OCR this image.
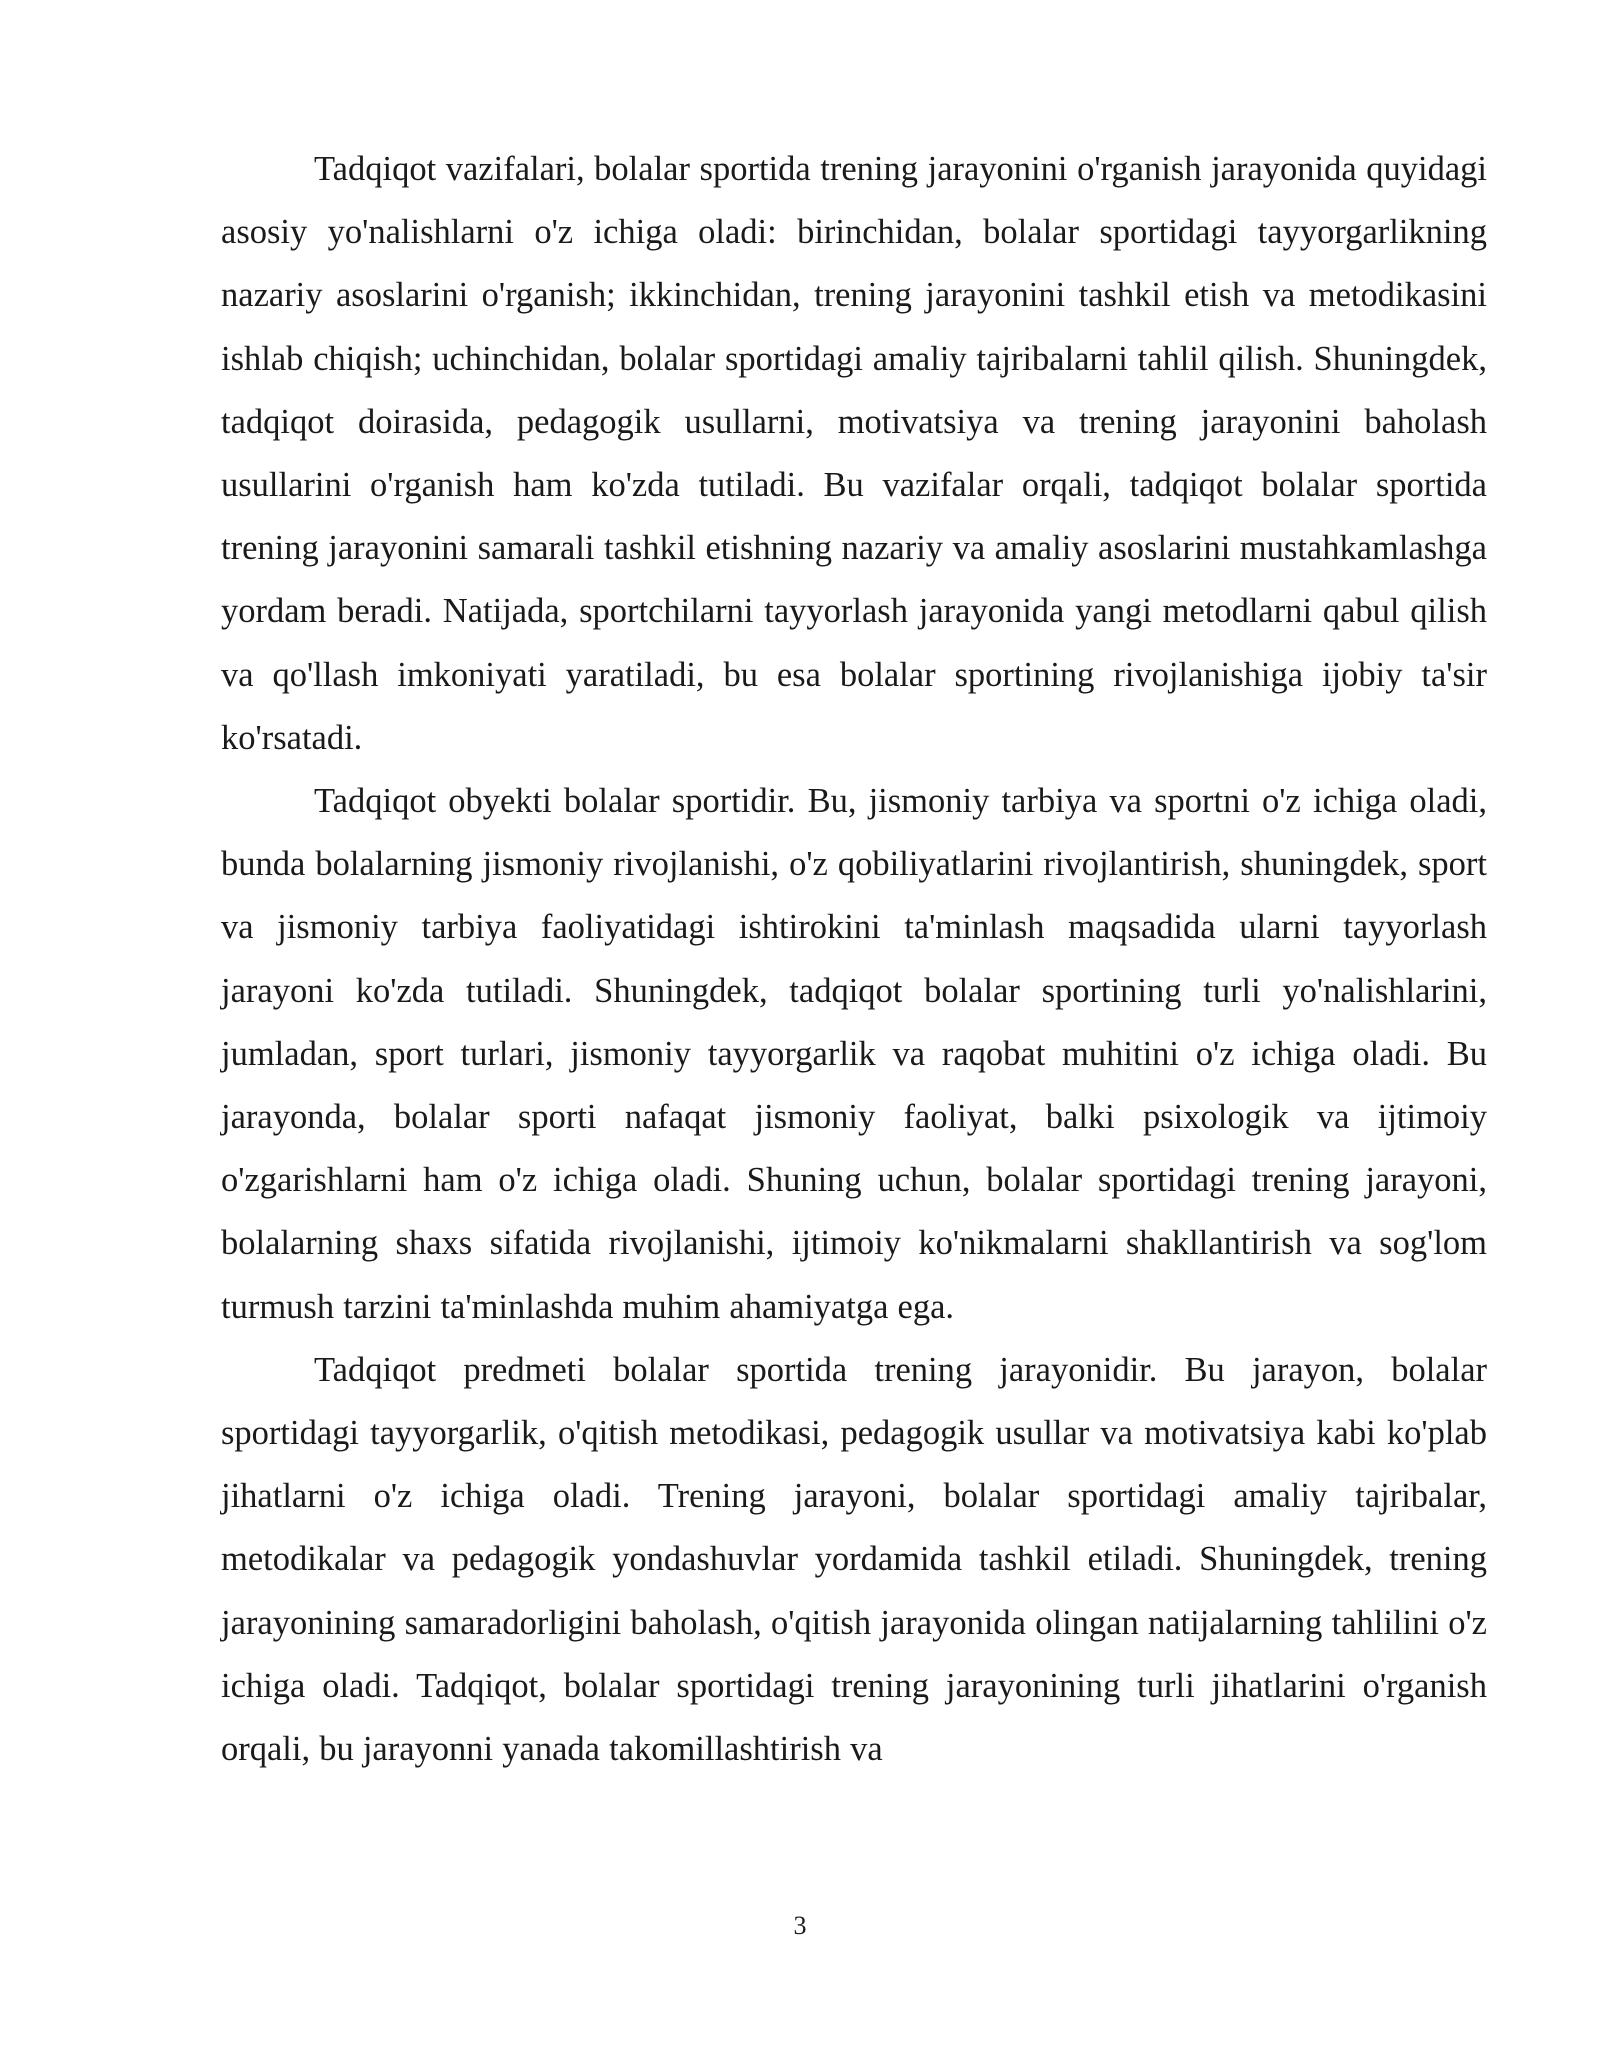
Tadqiqot vazifalari, bolalar sportida trening jarayonini o'rganish jarayonida quyidagi asosiy yo'nalishlarni o'z ichiga oladi: birinchidan, bolalar sportidagi tayyorgarlikning nazariy asoslarini o'rganish; ikkinchidan, trening jarayonini tashkil etish va metodikasini ishlab chiqish; uchinchidan, bolalar sportidagi amaliy tajribalarni tahlil qilish. Shuningdek, tadqiqot doirasida, pedagogik usullarni, motivatsiya va trening jarayonini baholash usullarini o'rganish ham ko'zda tutiladi. Bu vazifalar orqali, tadqiqot bolalar sportida trening jarayonini samarali tashkil etishning nazariy va amaliy asoslarini mustahkamlashga yordam beradi. Natijada, sportchilarni tayyorlash jarayonida yangi metodlarni qabul qilish va qo'llash imkoniyati yaratiladi, bu esa bolalar sportining rivojlanishiga ijobiy ta'sir ko'rsatadi.

Tadqiqot obyekti bolalar sportidir. Bu, jismoniy tarbiya va sportni o'z ichiga oladi, bunda bolalarning jismoniy rivojlanishi, o'z qobiliyatlarini rivojlantirish, shuningdek, sport va jismoniy tarbiya faoliyatidagi ishtirokini ta'minlash maqsadida ularni tayyorlash jarayoni ko'zda tutiladi. Shuningdek, tadqiqot bolalar sportining turli yo'nalishlarini, jumladan, sport turlari, jismoniy tayyorgarlik va raqobat muhitini o'z ichiga oladi. Bu jarayonda, bolalar sporti nafaqat jismoniy faoliyat, balki psixologik va ijtimoiy o'zgarishlarni ham o'z ichiga oladi. Shuning uchun, bolalar sportidagi trening jarayoni, bolalarning shaxs sifatida rivojlanishi, ijtimoiy ko'nikmalarni shakllantirish va sog'lom turmush tarzini ta'minlashda muhim ahamiyatga ega.

Tadqiqot predmeti bolalar sportida trening jarayonidir. Bu jarayon, bolalar sportidagi tayyorgarlik, o'qitish metodikasi, pedagogik usullar va motivatsiya kabi ko'plab jihatlarni o'z ichiga oladi. Trening jarayoni, bolalar sportidagi amaliy tajribalar, metodikalar va pedagogik yondashuvlar yordamida tashkil etiladi. Shuningdek, trening jarayonining samaradorligini baholash, o'qitish jarayonida olingan natijalarning tahlilini o'z ichiga oladi. Tadqiqot, bolalar sportidagi trening jarayonining turli jihatlarini o'rganish orqali, bu jarayonni yanada takomillashtirish va

3
